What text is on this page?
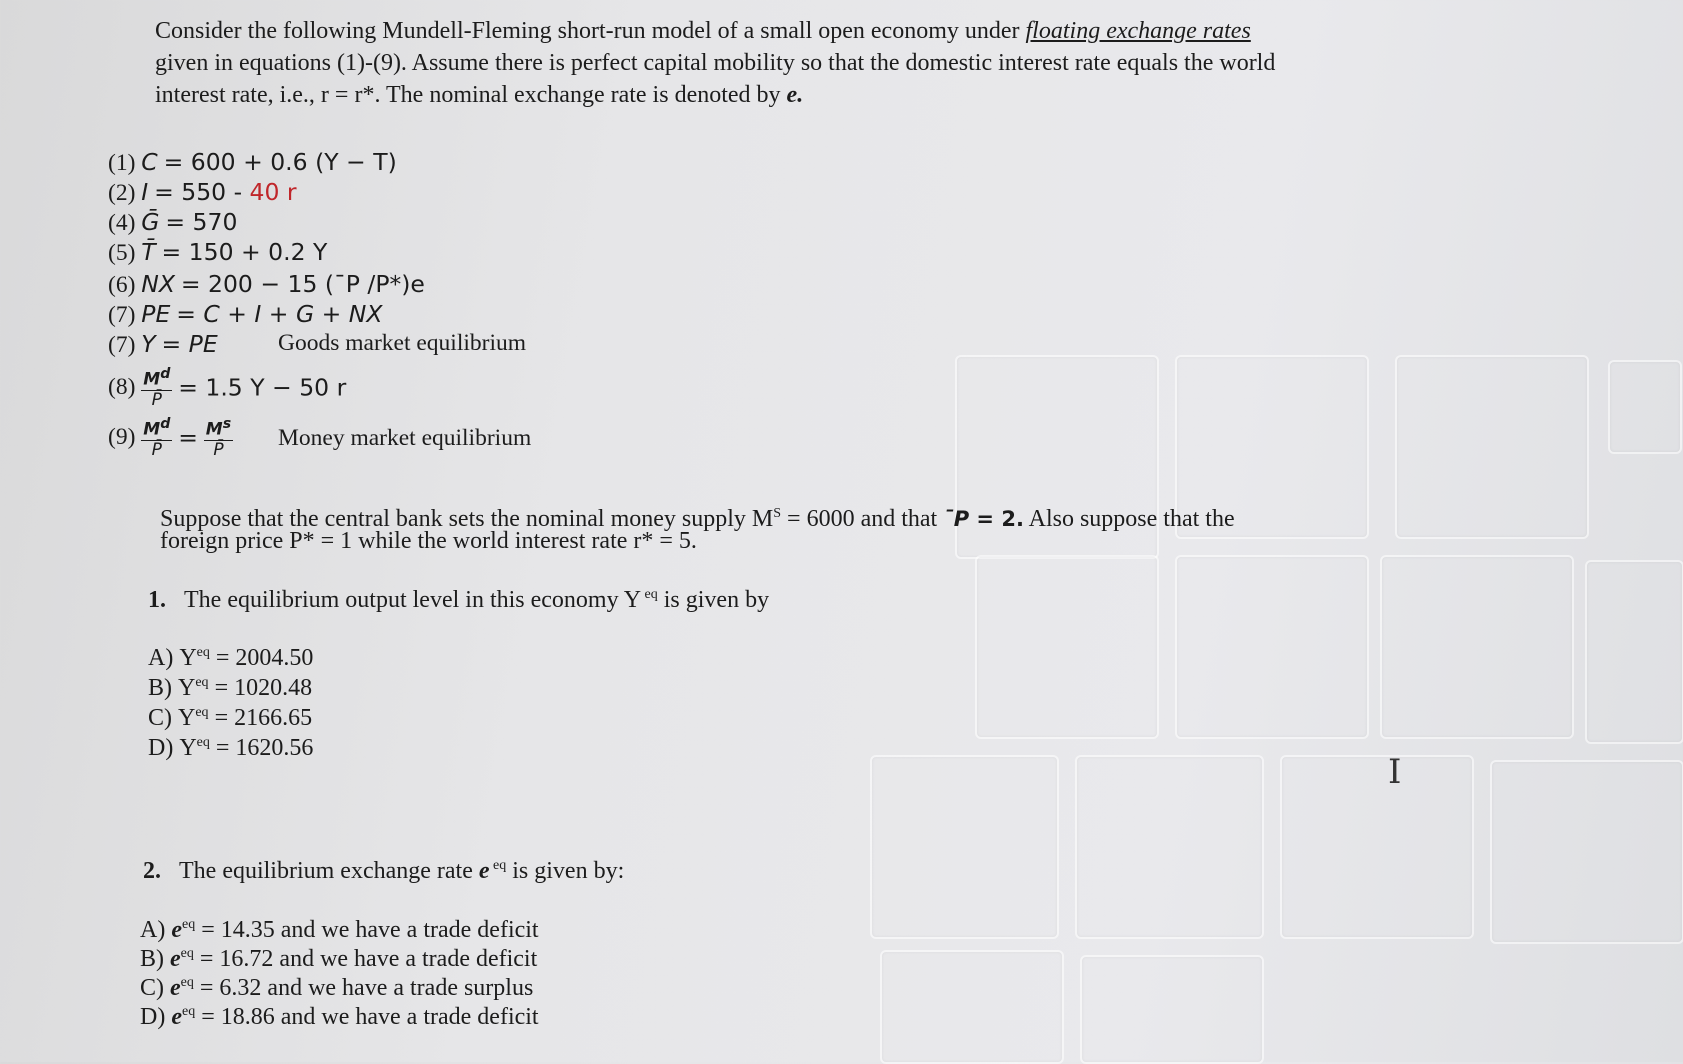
Consider the following Mundell-Fleming short-run model of a small open economy under floating exchange rates
given in equations (1)-(9). Assume there is perfect capital mobility so that the domestic interest rate equals the world
interest rate, i.e., r = r*. The nominal exchange rate is denoted by e.
(1) C = 600 + 0.6 (Y − T)
(2) I = 550 - 40 r
(4) Ḡ = 570
(5) T̄ = 150 + 0.2 Y
(6) NX = 200 − 15 (¯P /P*)e
(7) PE = C + I + G + NX
(7) Y = PE	Goods market equilibrium
$(8) \frac{M^d}{P̄} = 1.5$ Y − 50 r
$(9) \frac{M^d}{P̄} = \frac{M^s}{P̄}$ Money market equilibrium
Suppose that the central bank sets the nominal money supply $M^S = 6000$ and that ¯P = 2. Also suppose that the
foreign price P* = 1 while the world interest rate r* = 5.
1. The equilibrium output level in this economy Y $^{eq}$ is given by
A) $Y^{eq} = 2004.50$
B) $Y^{eq} = 1020.48$
C) $Y^{eq} = 2166.65$
D) $Y^{eq} = 1620.56$
I
2. The equilibrium exchange rate e $^{eq}$ is given by:
A) $e^{eq} = 14.35$ and we have a trade deficit
B) $e^{eq} = 16.72$ and we have a trade deficit
C) $e^{eq} = 6.32$ and we have a trade surplus
D) $e^{eq} = 18.86$ and we have a trade deficit
